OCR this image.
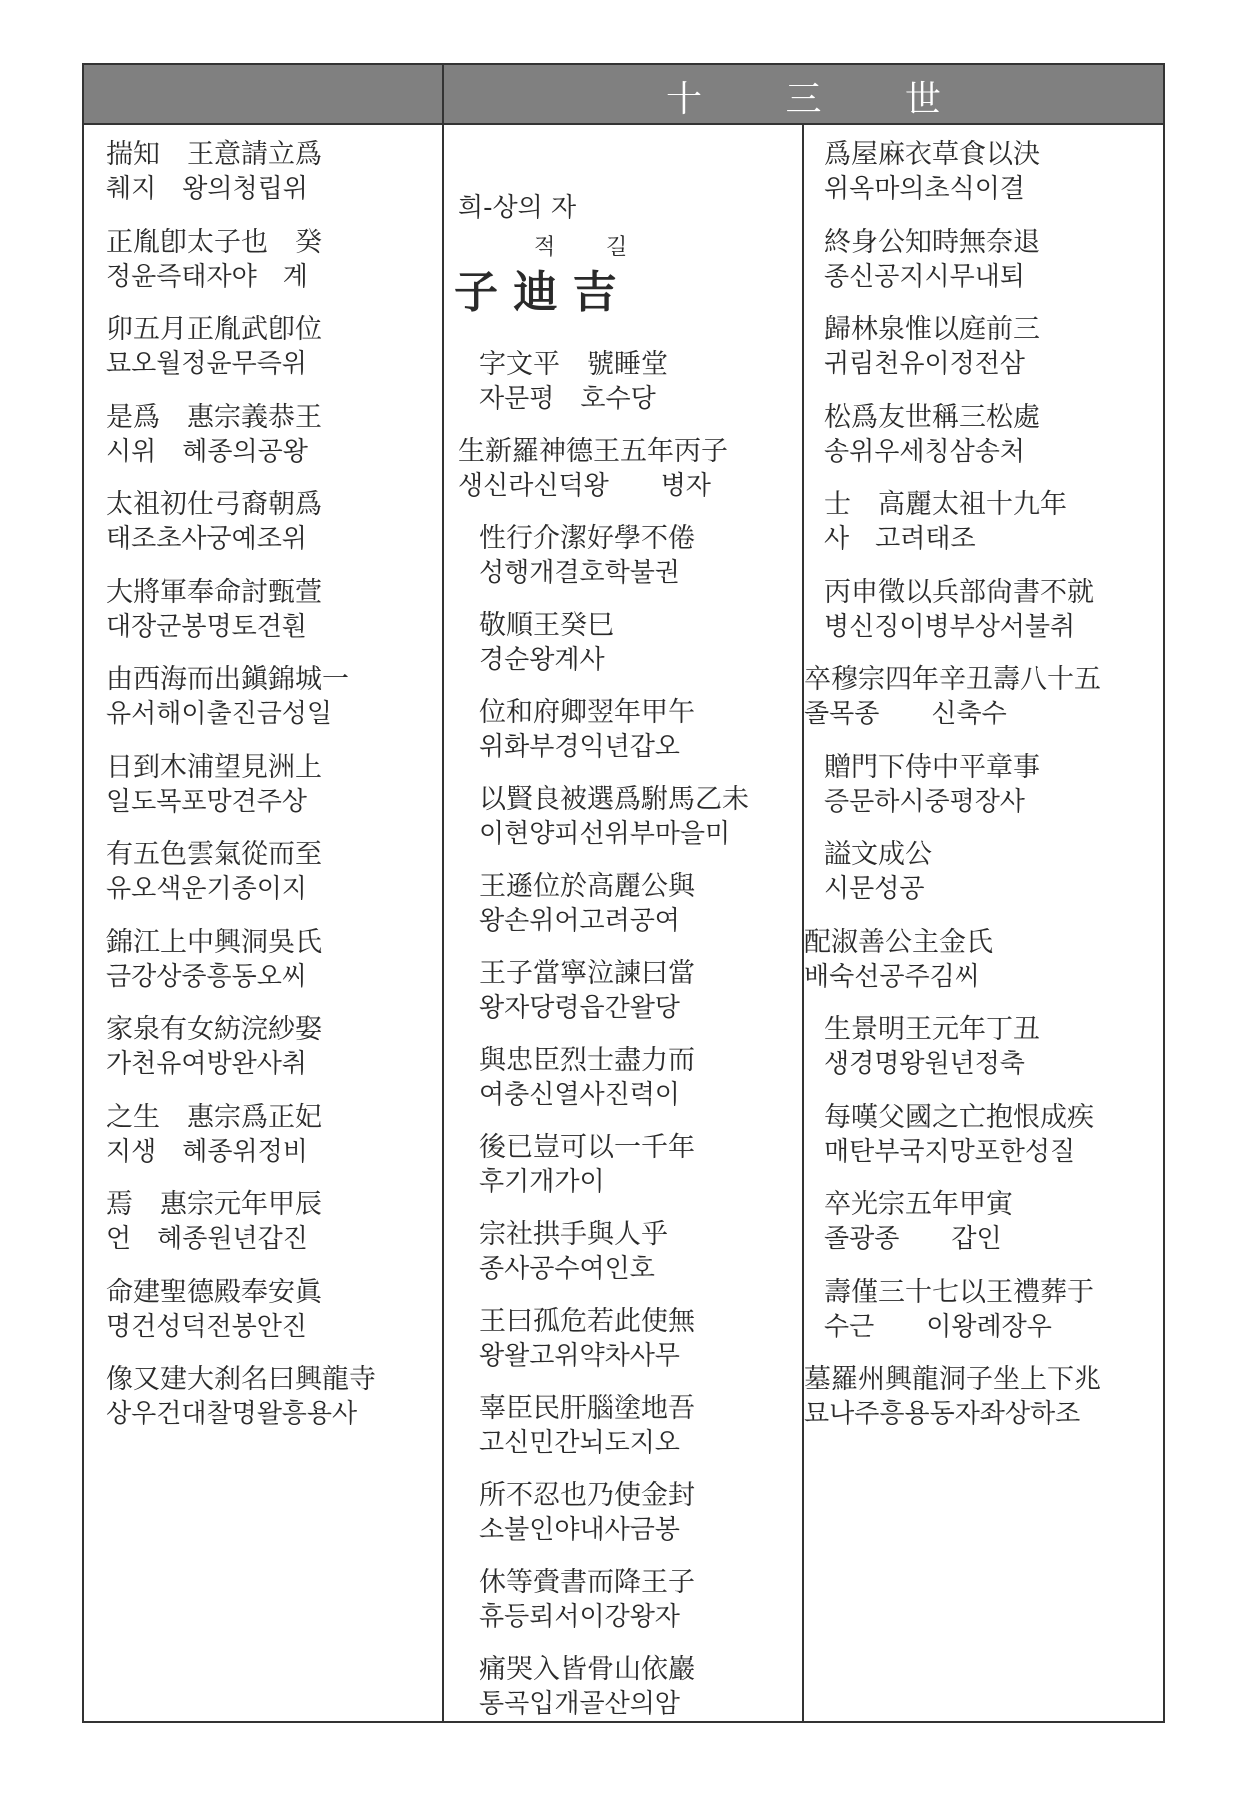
十 三 世
揣知　王意請立爲
췌지　왕의청립위
正胤卽太子也　癸
정윤즉태자야　계
卯五月正胤武卽位
묘오월정윤무즉위
是爲　惠宗義恭王
시위　혜종의공왕
太祖初仕弓裔朝爲
태조초사궁예조위
大將軍奉命討甄萱
대장군봉명토견훤
由西海而出鎭錦城一
유서해이출진금성일
日到木浦望見洲上
일도목포망견주상
有五色雲氣從而至
유오색운기종이지
錦江上中興洞吳氏
금강상중흥동오씨
家泉有女紡浣紗娶
가천유여방완사취
之生　惠宗爲正妃
지생　혜종위정비
焉　惠宗元年甲辰
언　혜종원년갑진
命建聖德殿奉安眞
명건성덕전봉안진
像又建大刹名曰興龍寺
상우건대찰명왈흥용사
희-상의 자
적 길
子 迪 吉
字文平　號睡堂
자문평　호수당
生新羅神德王五年丙子
생신라신덕왕　　병자
性行介潔好學不倦
성행개결호학불권
敬順王癸巳
경순왕계사
位和府卿翌年甲午
위화부경익년갑오
以賢良被選爲駙馬乙未
이현양피선위부마을미
王遜位於高麗公與
왕손위어고려공여
王子當寧泣諫曰當
왕자당령읍간왈당
與忠臣烈士盡力而
여충신열사진력이
後已豈可以一千年
후기개가이
宗社拱手與人乎
종사공수여인호
王曰孤危若此使無
왕왈고위약차사무
辜臣民肝腦塗地吾
고신민간뇌도지오
所不忍也乃使金封
소불인야내사금봉
休等賫書而降王子
휴등뢰서이강왕자
痛哭入皆骨山依巖
통곡입개골산의암
爲屋麻衣草食以決
위옥마의초식이결
終身公知時無奈退
종신공지시무내퇴
歸林泉惟以庭前三
귀림천유이정전삼
松爲友世稱三松處
송위우세칭삼송처
士　高麗太祖十九年
사　고려태조
丙申徵以兵部尙書不就
병신징이병부상서불취
卒穆宗四年辛丑壽八十五
졸목종　　신축수
贈門下侍中平章事
증문하시중평장사
謚文成公
시문성공
配淑善公主金氏
배숙선공주김씨
生景明王元年丁丑
생경명왕원년정축
每嘆父國之亡抱恨成疾
매탄부국지망포한성질
卒光宗五年甲寅
졸광종　　갑인
壽僅三十七以王禮葬于
수근　　이왕례장우
墓羅州興龍洞子坐上下兆
묘나주흥용동자좌상하조
